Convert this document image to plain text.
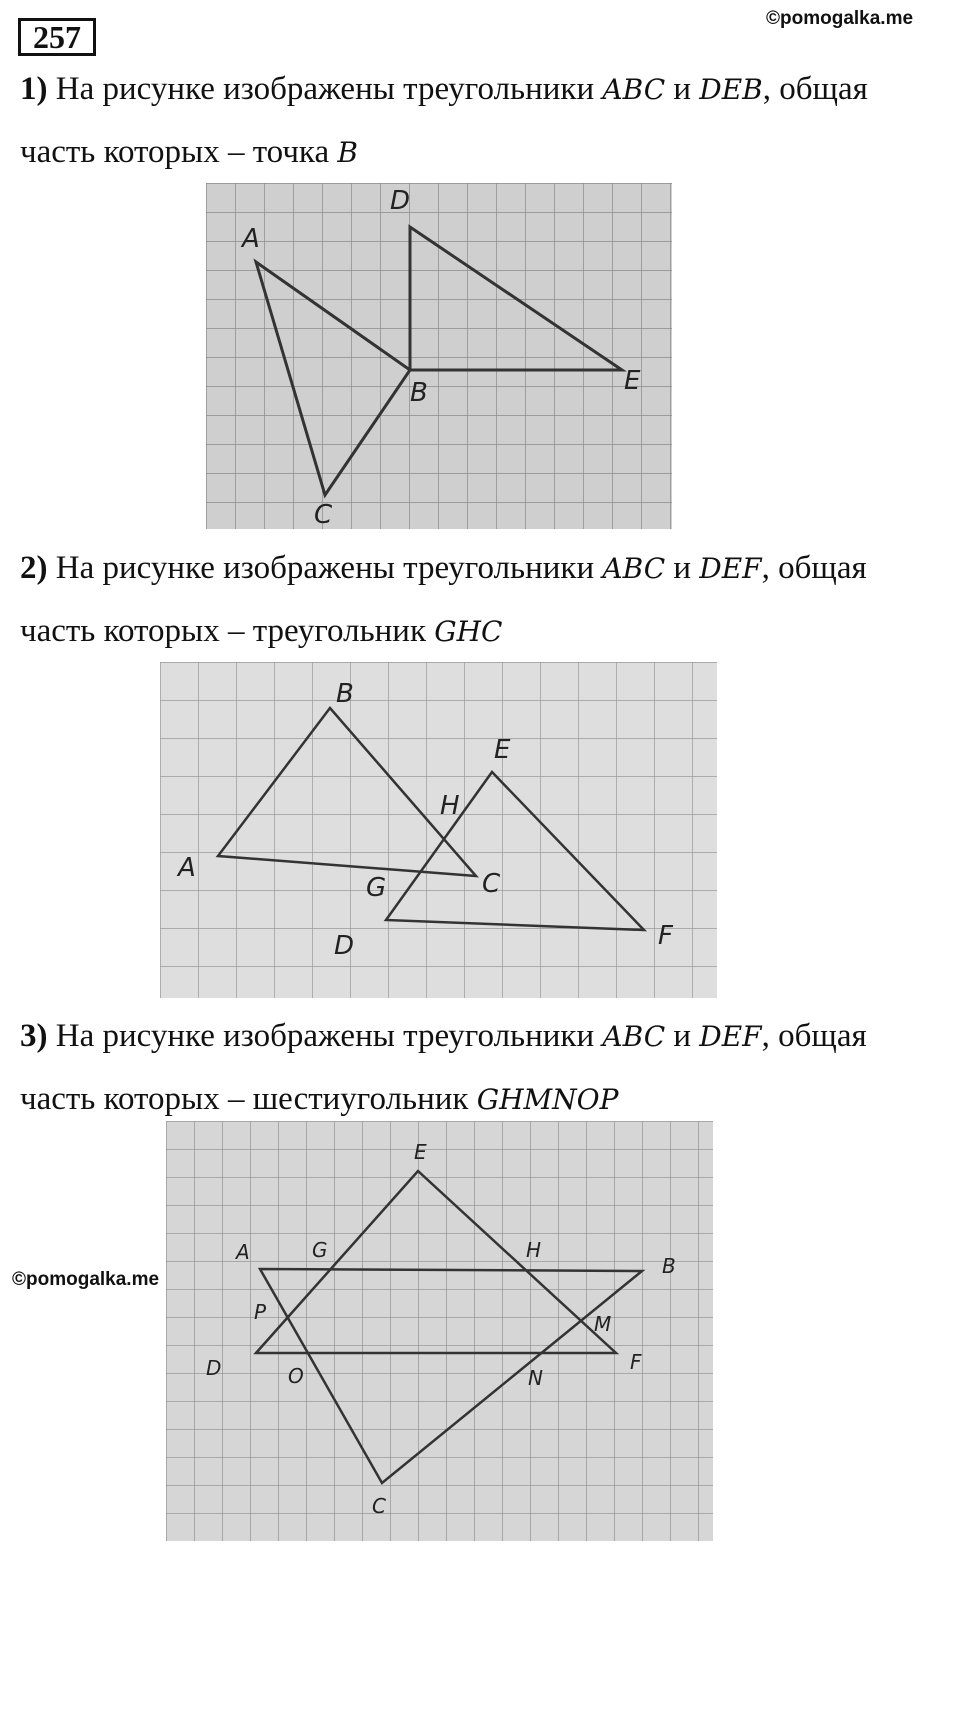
257
©pomogalka.me
1) На рисунке изображены треугольники ABC и DEB, общая
часть которых – точка B
A
D
B	E
C
2) На рисунке изображены треугольники ABC и DEF, общая
часть которых – треугольник GHC
A
B
C
D
E
F
G
H
3) На рисунке изображены треугольники ABC и DEF, общая
часть которых – шестиугольник GHMNOP
©pomogalka.me
A
B
C
D
E
F
G	H
M
N
O
P
